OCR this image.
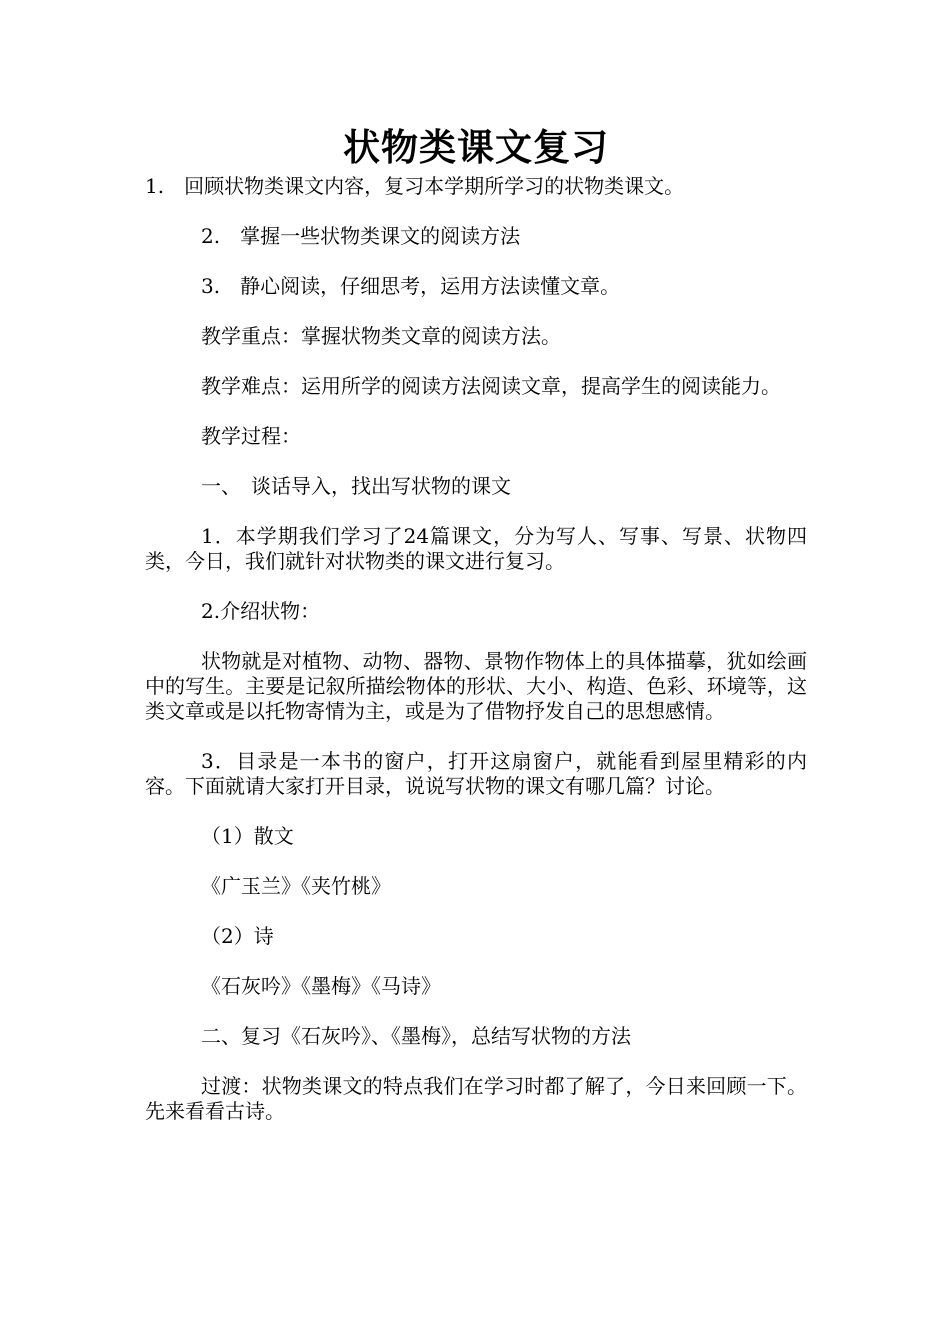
状物类课文复习

1.　回顾状物类课文内容，复习本学期所学习的状物类课文。

2.　掌握一些状物类课文的阅读方法

3.　静心阅读，仔细思考，运用方法读懂文章。

教学重点：掌握状物类文章的阅读方法。

教学难点：运用所学的阅读方法阅读文章，提高学生的阅读能力。

教学过程：

一、　谈话导入，找出写状物的课文

1．本学期我们学习了24篇课文，分为写人、写事、写景、状物四类，今日，我们就针对状物类的课文进行复习。

2.介绍状物：

状物就是对植物、动物、器物、景物作物体上的具体描摹，犹如绘画中的写生。主要是记叙所描绘物体的形状、大小、构造、色彩、环境等，这类文章或是以托物寄情为主，或是为了借物抒发自己的思想感情。

3．目录是一本书的窗户，打开这扇窗户，就能看到屋里精彩的内容。下面就请大家打开目录，说说写状物的课文有哪几篇？讨论。

（1）散文

《广玉兰》《夹竹桃》

（2）诗

《石灰吟》《墨梅》《马诗》

二、复习《石灰吟》、《墨梅》，总结写状物的方法

过渡：状物类课文的特点我们在学习时都了解了，今日来回顾一下。先来看看古诗。
